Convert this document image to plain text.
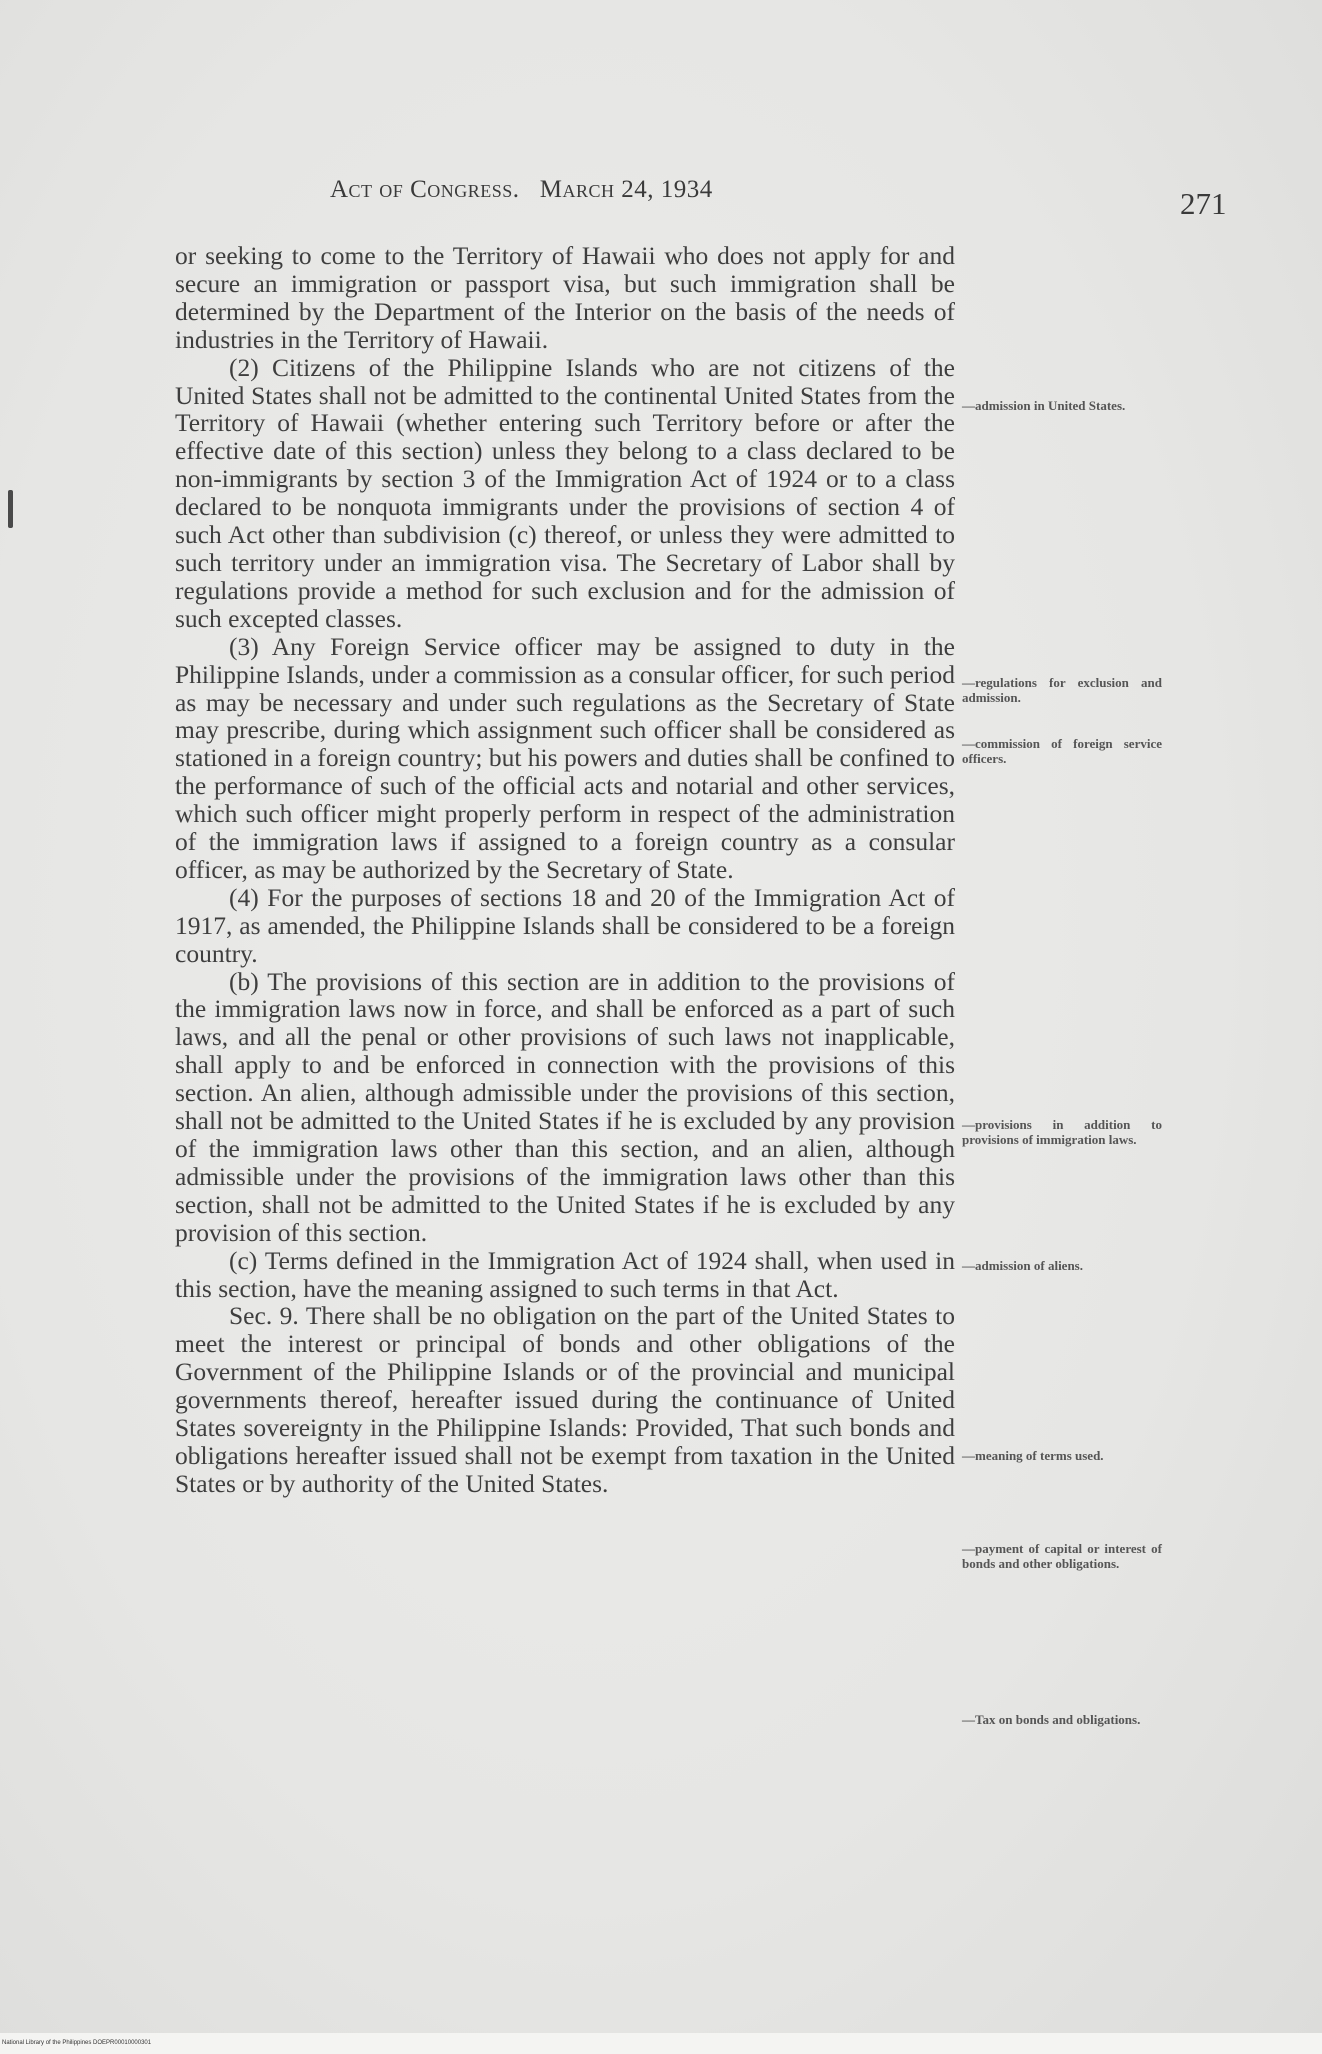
Act of Congress. March 24, 1934	271

or seeking to come to the Territory of Hawaii who does not apply for and secure an immigration or passport visa, but such immigration shall be determined by the Department of the Interior on the basis of the needs of industries in the Territory of Hawaii.

(2) Citizens of the Philippine Islands who are not citizens of the United States shall not be admitted to the continental United States from the Territory of Hawaii (whether entering such Territory before or after the effective date of this section) unless they belong to a class declared to be non-immigrants by section 3 of the Immigration Act of 1924 or to a class declared to be nonquota immigrants under the provisions of section 4 of such Act other than subdivision (c) thereof, or unless they were admitted to such territory under an immigration visa. The Secretary of Labor shall by regulations provide a method for such exclusion and for the admission of such excepted classes.

(3) Any Foreign Service officer may be assigned to duty in the Philippine Islands, under a commission as a consular officer, for such period as may be necessary and under such regulations as the Secretary of State may prescribe, during which assignment such officer shall be considered as stationed in a foreign country; but his powers and duties shall be confined to the performance of such of the official acts and notarial and other services, which such officer might properly perform in respect of the administration of the immigration laws if assigned to a foreign country as a consular officer, as may be authorized by the Secretary of State.

(4) For the purposes of sections 18 and 20 of the Immigration Act of 1917, as amended, the Philippine Islands shall be considered to be a foreign country.

(b) The provisions of this section are in addition to the provisions of the immigration laws now in force, and shall be enforced as a part of such laws, and all the penal or other provisions of such laws not inapplicable, shall apply to and be enforced in connection with the provisions of this section. An alien, although admissible under the provisions of this section, shall not be admitted to the United States if he is excluded by any provision of the immigration laws other than this section, and an alien, although admissible under the provisions of the immigration laws other than this section, shall not be admitted to the United States if he is excluded by any provision of this section.

(c) Terms defined in the Immigration Act of 1924 shall, when used in this section, have the meaning assigned to such terms in that Act.

Sec. 9. There shall be no obligation on the part of the United States to meet the interest or principal of bonds and other obligations of the Government of the Philippine Islands or of the provincial and municipal governments thereof, hereafter issued during the continuance of United States sovereignty in the Philippine Islands: Provided, That such bonds and obligations hereafter issued shall not be exempt from taxation in the United States or by authority of the United States.

—admission in United States.
—regulations for exclusion and admission.
—commission of foreign service officers.
—provisions in addition to provisions of immigration laws.
—admission of aliens.
—meaning of terms used.
—payment of capital or interest of bonds and other obligations.
—Tax on bonds and obligations.
National Library of the Philippines DOEPR00010000301
